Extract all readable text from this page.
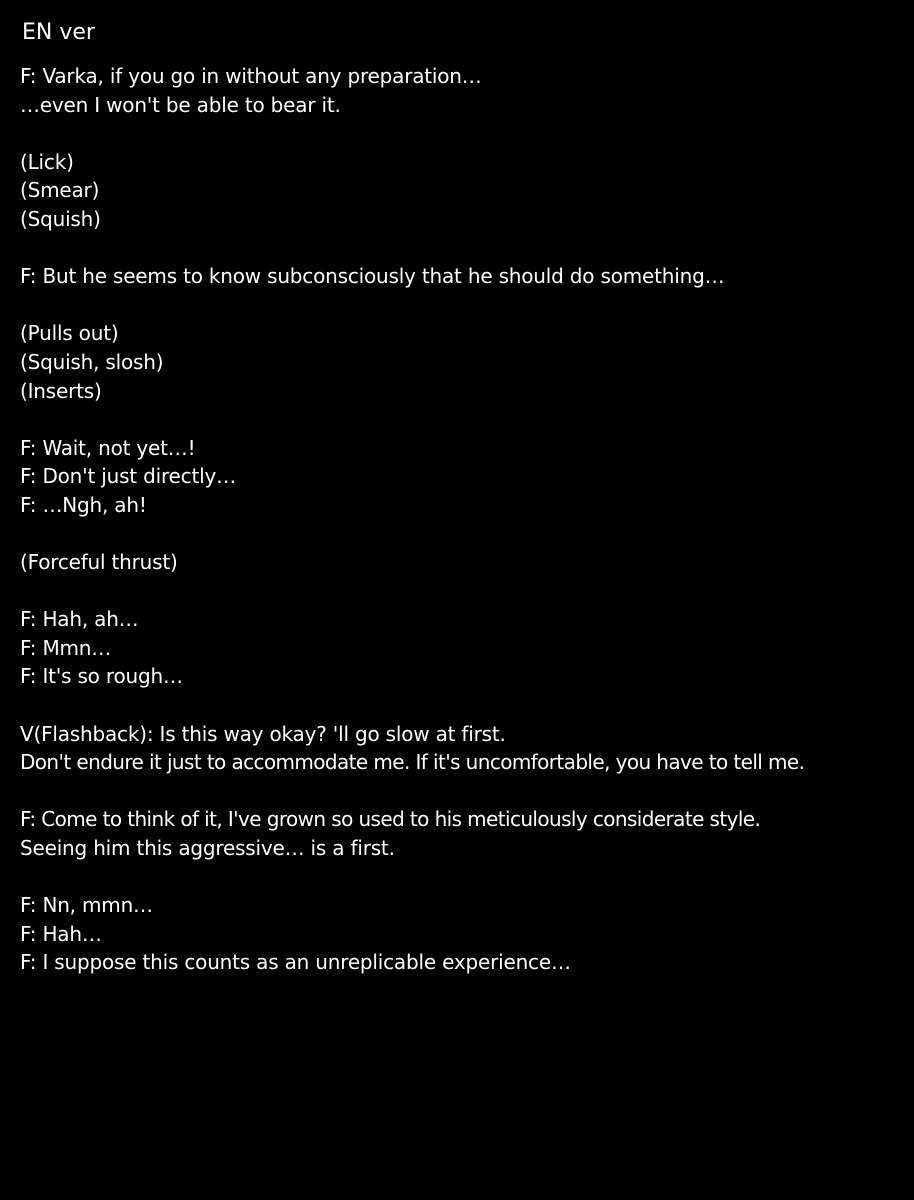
EN ver
F: Varka, if you go in without any preparation…
…even I won't be able to bear it.
(Lick)
(Smear)
(Squish)
F: But he seems to know subconsciously that he should do something…
(Pulls out)
(Squish, slosh)
(Inserts)
F: Wait, not yet…!
F: Don't just directly…
F: …Ngh, ah!
(Forceful thrust)
F: Hah, ah…
F: Mmn…
F: It's so rough…
V(Flashback): Is this way okay? 'll go slow at first.
Don't endure it just to accommodate me. If it's uncomfortable, you have to tell me.
F: Come to think of it, I've grown so used to his meticulously considerate style.
Seeing him this aggressive… is a first.
F: Nn, mmn…
F: Hah…
F: I suppose this counts as an unreplicable experience…
